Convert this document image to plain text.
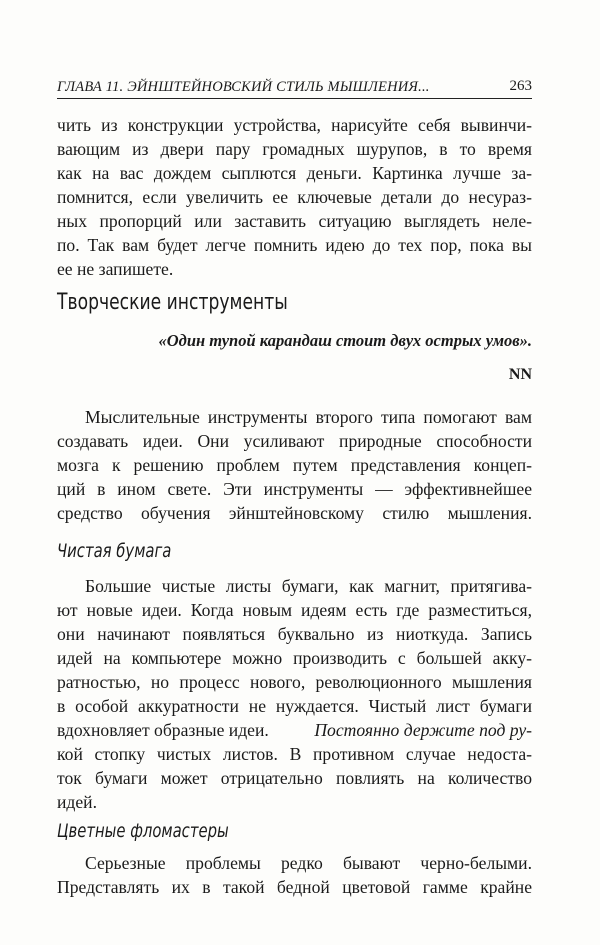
ГЛАВА 11. ЭЙНШТЕЙНОВСКИЙ СТИЛЬ МЫШЛЕНИЯ...	263
чить из конструкции устройства, нарисуйте себя вывинчи-
вающим из двери пару громадных шурупов, в то время
как на вас дождем сыплются деньги. Картинка лучше за-
помнится, если увеличить ее ключевые детали до несураз-
ных пропорций или заставить ситуацию выглядеть неле-
по. Так вам будет легче помнить идею до тех пор, пока вы
ее не запишете.
Творческие инструменты
«Один тупой карандаш стоит двух острых умов».
NN
Мыслительные инструменты второго типа помогают вам
создавать идеи. Они усиливают природные способности
мозга к решению проблем путем представления концеп-
ций в ином свете. Эти инструменты — эффективнейшее
средство обучения эйнштейновскому стилю мышления.
Чистая бумага
Большие чистые листы бумаги, как магнит, притягива-
ют новые идеи. Когда новым идеям есть где разместиться,
они начинают появляться буквально из ниоткуда. Запись
идей на компьютере можно производить с большей акку-
ратностью, но процесс нового, революционного мышления
в особой аккуратности не нуждается. Чистый лист бумаги
вдохновляет образные идеи.	Постоянно держите под ру-
кой стопку чистых листов. В противном случае недоста-
ток бумаги может отрицательно повлиять на количество
идей.
Цветные фломастеры
Серьезные проблемы редко бывают черно-белыми.
Представлять их в такой бедной цветовой гамме крайне
